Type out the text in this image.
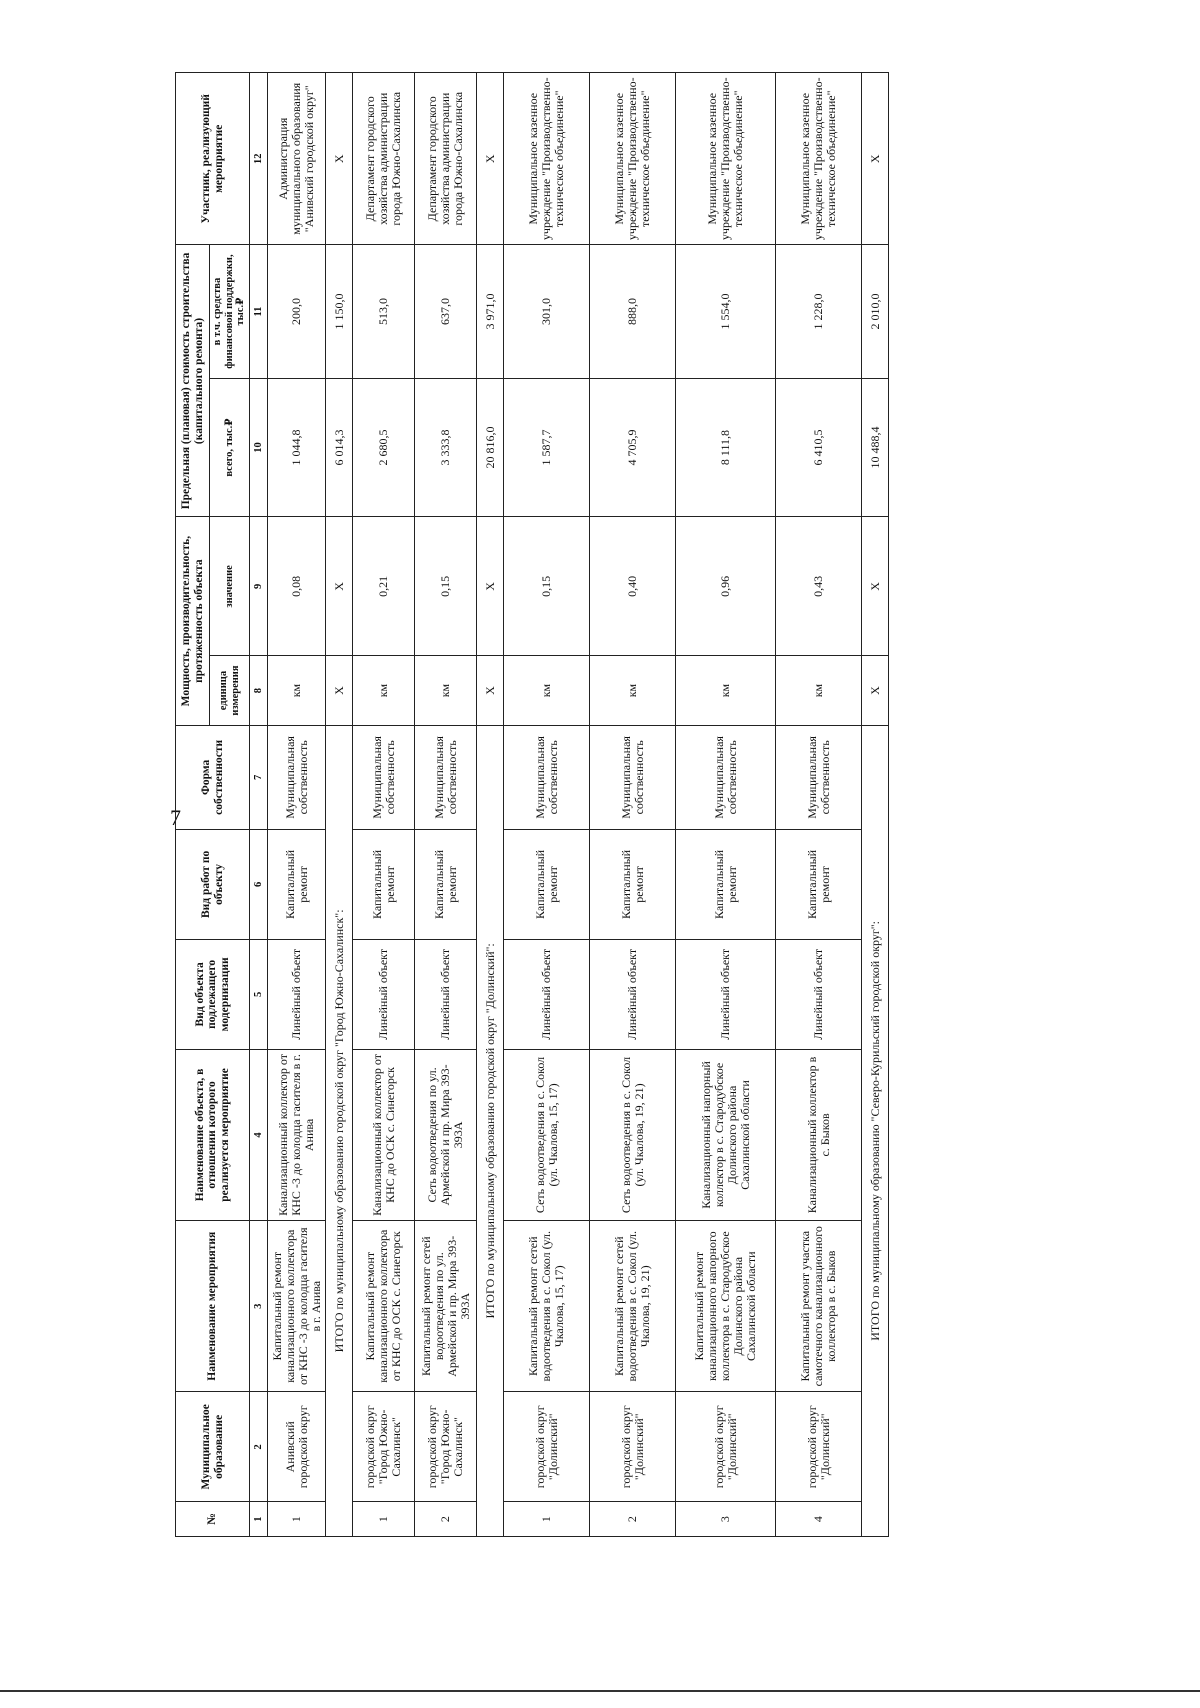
7
№	Муниципальное образование	Наименование мероприятия	Наименование объекта, в отношении которого реализуется мероприятие	Вид объекта подлежащего модернизации	Вид работ по объекту	Форма собственности	Мощность, производительность, протяженность объекта		Предельная (плановая) стоимость строительства (капитального ремонта)		Участник, реализующий мероприятие
							единица измерения	значение	всего, тыс.₽	в т.ч. средства финансовой поддержки, тыс.₽	
1	2	3	4	5	6	7	8	9	10	11	12
1	Анивский городской округ	Капитальный ремонт канализационного коллектора от КНС -3 до колодца гасителя в г. Анива	Канализационный коллектор от КНС -3 до колодца гасителя в г. Анива	Линейный объект	Капитальный ремонт	Муниципальная собственность	км	0,08	1 044,8	200,0	Администрация муниципального образования "Анивский городской округ"
ИТОГО по муниципальному образованию городской округ "Город Южно-Сахалинск":							Х	Х	6 014,3	1 150,0	Х
1	городской округ "Город Южно-Сахалинск"	Капитальный ремонт канализационного коллектора от КНС до ОСК с. Синегорск	Канализационный коллектор от КНС до ОСК с. Синегорск	Линейный объект	Капитальный ремонт	Муниципальная собственность	км	0,21	2 680,5	513,0	Департамент городского хозяйства администрации города Южно-Сахалинска
2	городской округ "Город Южно-Сахалинск"	Капитальный ремонт сетей водоотведения по ул. Армейской и пр. Мира 393-393А	Сеть водоотведения по ул. Армейской и пр. Мира 393-393А	Линейный объект	Капитальный ремонт	Муниципальная собственность	км	0,15	3 333,8	637,0	Департамент городского хозяйства администрации города Южно-Сахалинска
ИТОГО по муниципальному образованию городской округ "Долинский":							Х	Х	20 816,0	3 971,0	Х
1	городской округ "Долинский"	Капитальный ремонт сетей водоотведения в с. Сокол (ул. Чкалова, 15, 17)	Сеть водоотведения в с. Сокол (ул. Чкалова, 15, 17)	Линейный объект	Капитальный ремонт	Муниципальная собственность	км	0,15	1 587,7	301,0	Муниципальное казенное учреждение "Производственно-техническое объединение"
2	городской округ "Долинский"	Капитальный ремонт сетей водоотведения в с. Сокол (ул. Чкалова, 19, 21)	Сеть водоотведения в с. Сокол (ул. Чкалова, 19, 21)	Линейный объект	Капитальный ремонт	Муниципальная собственность	км	0,40	4 705,9	888,0	Муниципальное казенное учреждение "Производственно-техническое объединение"
3	городской округ "Долинский"	Капитальный ремонт канализационного напорного коллектора в с. Стародубское Долинского района Сахалинской области	Канализационный напорный коллектор в с. Стародубское Долинского района Сахалинской области	Линейный объект	Капитальный ремонт	Муниципальная собственность	км	0,96	8 111,8	1 554,0	Муниципальное казенное учреждение "Производственно-техническое объединение"
4	городской округ "Долинский"	Капитальный ремонт участка самотечного канализационного коллектора в с. Быков	Канализационный коллектор в с. Быков	Линейный объект	Капитальный ремонт	Муниципальная собственность	км	0,43	6 410,5	1 228,0	Муниципальное казенное учреждение "Производственно-техническое объединение"
ИТОГО по муниципальному образованию "Северо-Курильский городской округ":							Х	Х	10 488,4	2 010,0	Х
